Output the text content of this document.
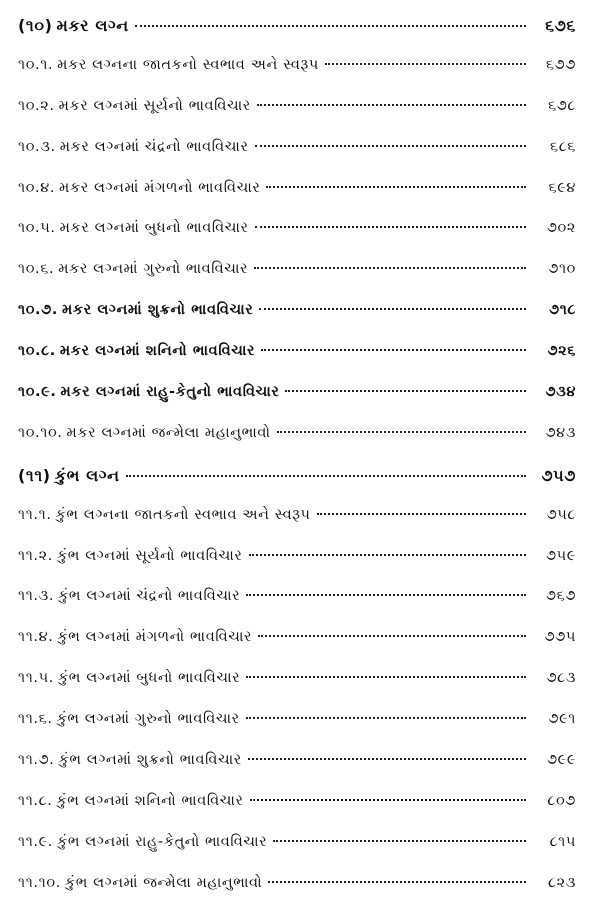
(૧૦) મકર લગ્ન	૬૭૬
૧૦.૧. મકર લગ્નના જાતકનો સ્વભાવ અને સ્વરૂપ	૬૭૭
૧૦.૨. મકર લગ્નમાં સૂર્યનો ભાવવિચાર	૬૭૮
૧૦.૩. મકર લગ્નમાં ચંદ્રનો ભાવવિચાર	૬૮૬
૧૦.૪. મકર લગ્નમાં મંગળનો ભાવવિચાર	૬૯૪
૧૦.૫. મકર લગ્નમાં બુધનો ભાવવિચાર	૭૦૨
૧૦.૬. મકર લગ્નમાં ગુરુનો ભાવવિચાર	૭૧૦
૧૦.૭. મકર લગ્નમાં શુક્રનો ભાવવિચાર	૭૧૮
૧૦.૮. મકર લગ્નમાં શનિનો ભાવવિચાર	૭૨૬
૧૦.૯. મકર લગ્નમાં રાહુ-કેતુનો ભાવવિચાર	૭૩૪
૧૦.૧૦. મકર લગ્નમાં જન્મેલા મહાનુભાવો	૭૪૩
(૧૧) કુંભ લગ્ન	૭૫૭
૧૧.૧. કુંભ લગ્નના જાતકનો સ્વભાવ અને સ્વરૂપ	૭૫૮
૧૧.૨. કુંભ લગ્નમાં સૂર્યનો ભાવવિચાર	૭૫૯
૧૧.૩. કુંભ લગ્નમાં ચંદ્રનો ભાવવિચાર	૭૬૭
૧૧.૪. કુંભ લગ્નમાં મંગળનો ભાવવિચાર	૭૭૫
૧૧.૫. કુંભ લગ્નમાં બુધનો ભાવવિચાર	૭૮૩
૧૧.૬. કુંભ લગ્નમાં ગુરુનો ભાવવિચાર	૭૯૧
૧૧.૭. કુંભ લગ્નમાં શુક્રનો ભાવવિચાર	૭૯૯
૧૧.૮. કુંભ લગ્નમાં શનિનો ભાવવિચાર	૮૦૭
૧૧.૯. કુંભ લગ્નમાં રાહુ-કેતુનો ભાવવિચાર	૮૧૫
૧૧.૧૦. કુંભ લગ્નમાં જન્મેલા મહાનુભાવો	૮૨૩
